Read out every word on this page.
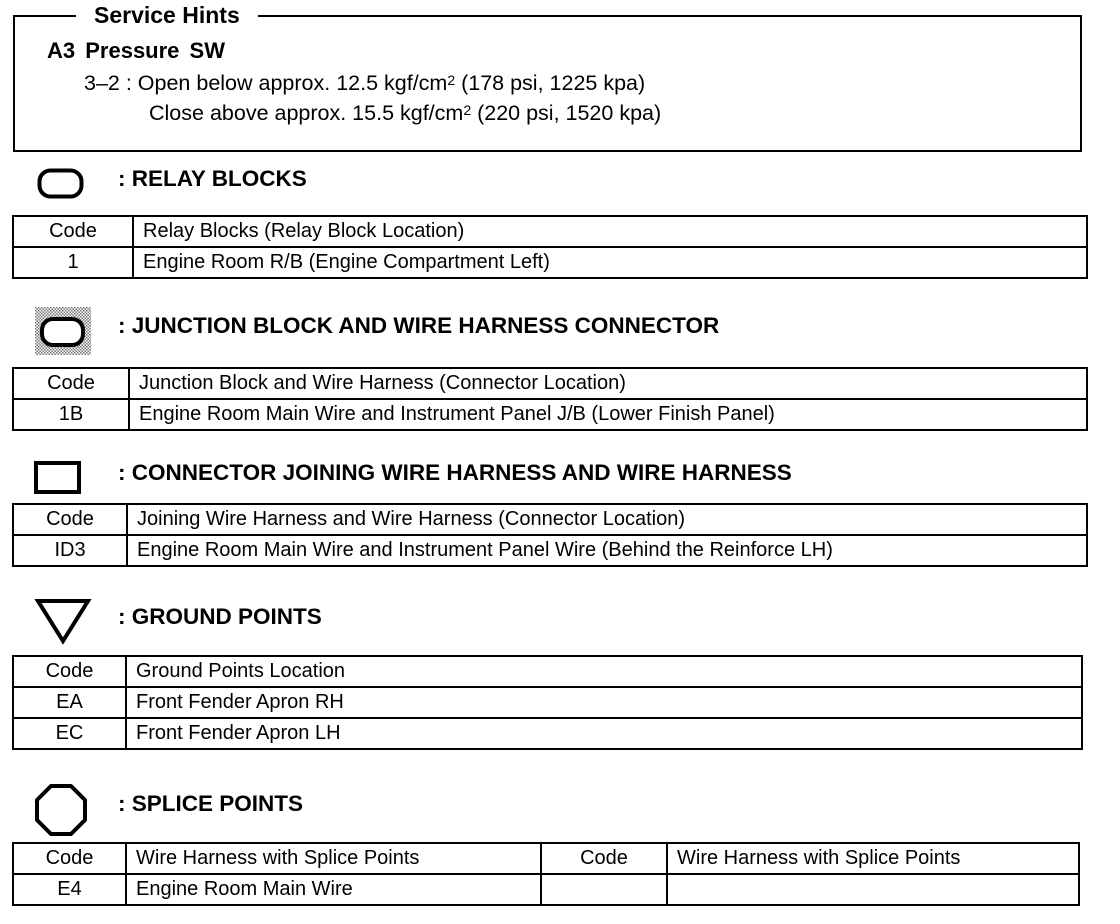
Service Hints
A3 Pressure SW
3–2 : Open below approx. 12.5 kgf/$cm^2$ (178 psi, 1225 kpa)
Close above approx. 15.5 kgf/$cm^2$ (220 psi, 1520 kpa)
: RELAY BLOCKS
Code	Relay Blocks (Relay Block Location)
1	Engine Room R/B (Engine Compartment Left)
: JUNCTION BLOCK AND WIRE HARNESS CONNECTOR
Code	Junction Block and Wire Harness (Connector Location)
1B	Engine Room Main Wire and Instrument Panel J/B (Lower Finish Panel)
: CONNECTOR JOINING WIRE HARNESS AND WIRE HARNESS
Code	Joining Wire Harness and Wire Harness (Connector Location)
ID3	Engine Room Main Wire and Instrument Panel Wire (Behind the Reinforce LH)
: GROUND POINTS
Code	Ground Points Location
EA	Front Fender Apron RH
EC	Front Fender Apron LH
: SPLICE POINTS
Code	Wire Harness with Splice Points	Code	Wire Harness with Splice Points
E4	Engine Room Main Wire		
